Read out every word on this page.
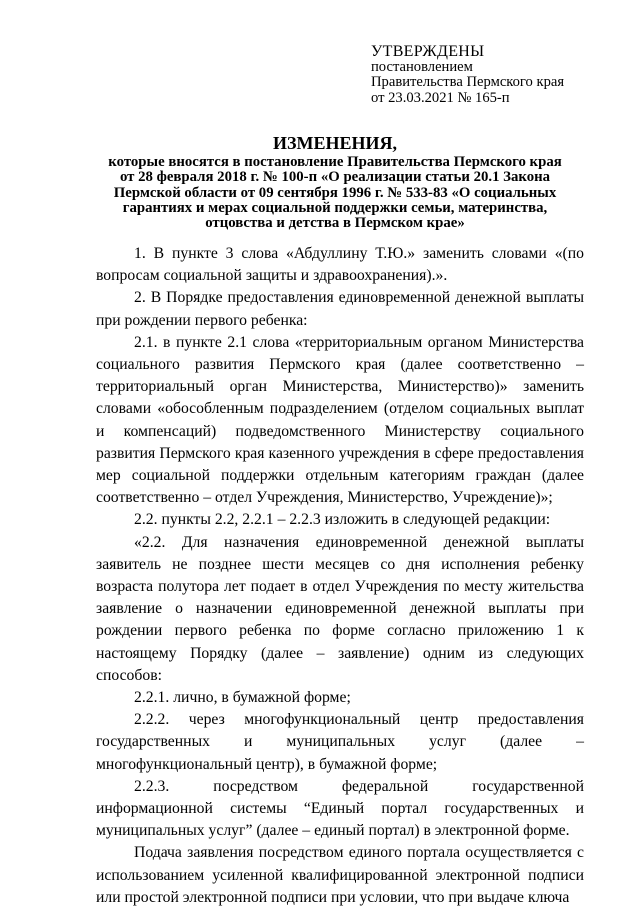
УТВЕРЖДЕНЫ
постановлением
Правительства Пермского края
от 23.03.2021 № 165-п
ИЗМЕНЕНИЯ,
которые вносятся в постановление Правительства Пермского края от 28 февраля 2018 г. № 100-п «О реализации статьи 20.1 Закона Пермской области от 09 сентября 1996 г. № 533-83 «О социальных гарантиях и мерах социальной поддержки семьи, материнства, отцовства и детства в Пермском крае»

1. В пункте 3 слова «Абдуллину Т.Ю.» заменить словами «(по вопросам социальной защиты и здравоохранения).».

2. В Порядке предоставления единовременной денежной выплаты при рождении первого ребенка:

2.1. в пункте 2.1 слова «территориальным органом Министерства социального развития Пермского края (далее соответственно – территориальный орган Министерства, Министерство)» заменить словами «обособленным подразделением (отделом социальных выплат и компенсаций) подведомственного Министерству социального развития Пермского края казенного учреждения в сфере предоставления мер социальной поддержки отдельным категориям граждан (далее соответственно – отдел Учреждения, Министерство, Учреждение)»;

2.2. пункты 2.2, 2.2.1 – 2.2.3 изложить в следующей редакции:

«2.2. Для назначения единовременной денежной выплаты заявитель не позднее шести месяцев со дня исполнения ребенку возраста полутора лет подает в отдел Учреждения по месту жительства заявление о назначении единовременной денежной выплаты при рождении первого ребенка по форме согласно приложению 1 к настоящему Порядку (далее – заявление) одним из следующих способов:

2.2.1. лично, в бумажной форме;

2.2.2. через многофункциональный центр предоставления государственных и муниципальных услуг (далее – многофункциональный центр), в бумажной форме;

2.2.3. посредством федеральной государственной информационной системы “Единый портал государственных и муниципальных услуг” (далее – единый портал) в электронной форме.

Подача заявления посредством единого портала осуществляется с использованием усиленной квалифицированной электронной подписи или простой электронной подписи при условии, что при выдаче ключа
